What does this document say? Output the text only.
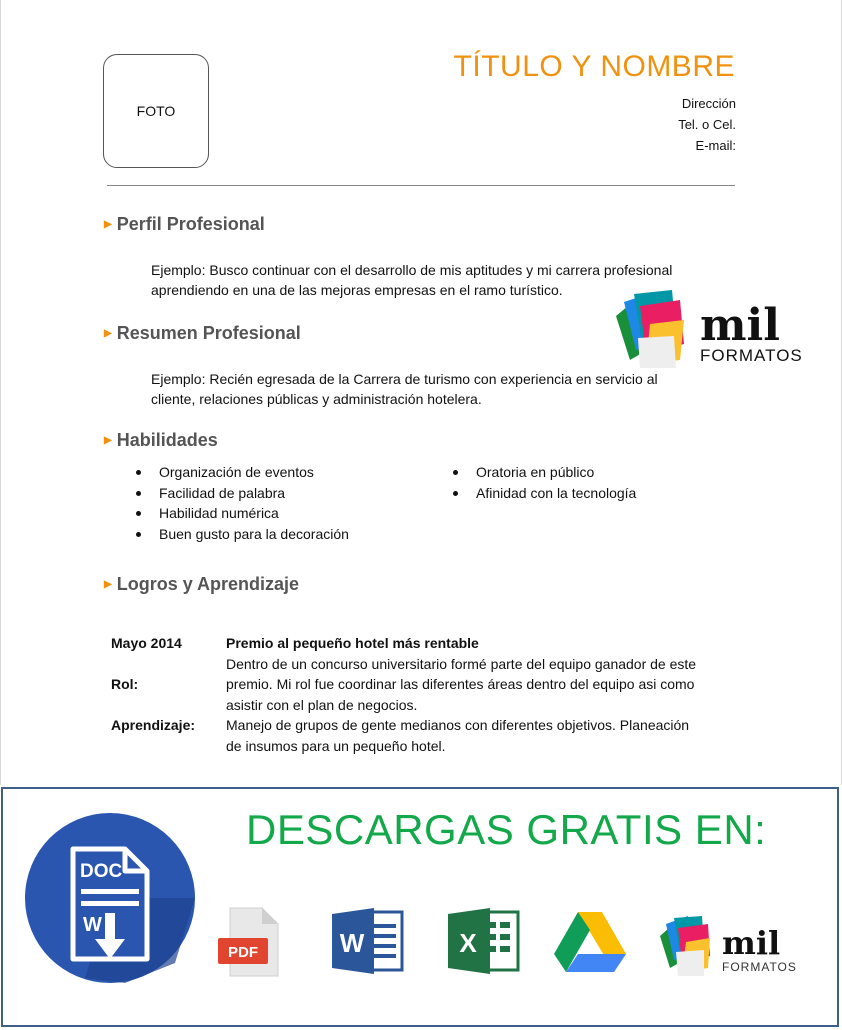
FOTO
TÍTULO Y NOMBRE
Dirección
Tel. o Cel.
E-mail:
▶ Perfil Profesional
Ejemplo: Busco continuar con el desarrollo de mis aptitudes y mi carrera profesional
aprendiendo en una de las mejoras empresas en el ramo turístico.
▶ Resumen Profesional
Ejemplo: Recién egresada de la Carrera de turismo con experiencia en servicio al
cliente, relaciones públicas y administración hotelera.
▶ Habilidades
Organización de eventos
Facilidad de palabra
Habilidad numérica
Buen gusto para la decoración
Oratoria en público
Afinidad con la tecnología
▶ Logros y Aprendizaje
Mayo 2014	Premio al pequeño hotel más rentable
Dentro de un concurso universitario formé parte del equipo ganador de este
Rol:	premio. Mi rol fue coordinar las diferentes áreas dentro del equipo asi como
asistir con el plan de negocios.
Aprendizaje:	Manejo de grupos de gente medianos con diferentes objetivos. Planeación
de insumos para un pequeño hotel.
mil
FORMATOS
DESCARGAS GRATIS EN:
DOC
W
PDF	W	X	mil
FORMATOS
